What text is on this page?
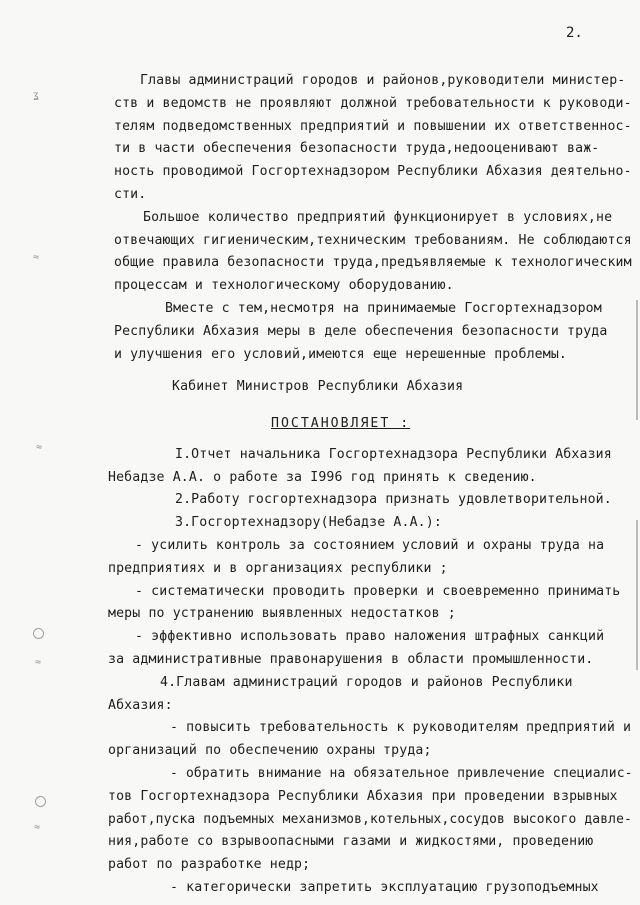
2.
ʓ
≈
≈
≈
≈
Главы администраций городов и районов,руководители министер-
ств и ведомств не проявляют должной требовательности к руководи-
телям подведомственных предприятий и повышении их ответственнос-
ти в части обеспечения безопасности труда,недооценивают важ-
ность проводимой Госгортехнадзором Республики Абхазия деятельно-
сти.
Большое количество предприятий функционирует в условиях,не
отвечающих гигиеническим,техническим требованиям. Не соблюдаются
общие правила безопасности труда,предъявляемые к технологическим
процессам и технологическому оборудованию.
Вместе с тем,несмотря на принимаемые Госгортехнадзором
Республики Абхазия меры в деле обеспечения безопасности труда
и улучшения его условий,имеются еще нерешенные проблемы.
Кабинет Министров Республики Абхазия
ПОСТАНОВЛЯЕТ :
I.Отчет начальника Госгортехнадзора Республики Абхазия
Небадзе А.А. о работе за I996 год принять к сведению.
2.Работу госгортехнадзора признать удовлетворительной.
3.Госгортехнадзору(Небадзе А.А.):
- усилить контроль за состоянием условий и охраны труда на
предприятиях и в организациях республики ;
- систематически проводить проверки и своевременно принимать
меры по устранению выявленных недостатков ;
- эффективно использовать право наложения штрафных санкций
за административные правонарушения в области промышленности.
4.Главам администраций городов и районов Республики
Абхазия:
- повысить требовательность к руководителям предприятий и
организаций по обеспечению охраны труда;
- обратить внимание на обязательное привлечение специалис-
тов Госгортехнадзора Республики Абхазия при проведении взрывных
работ,пуска подъемных механизмов,котельных,сосудов высокого давле-
ния,работе со взрывоопасными газами и жидкостями, проведению
работ по разработке недр;
- категорически запретить эксплуатацию грузоподъемных
